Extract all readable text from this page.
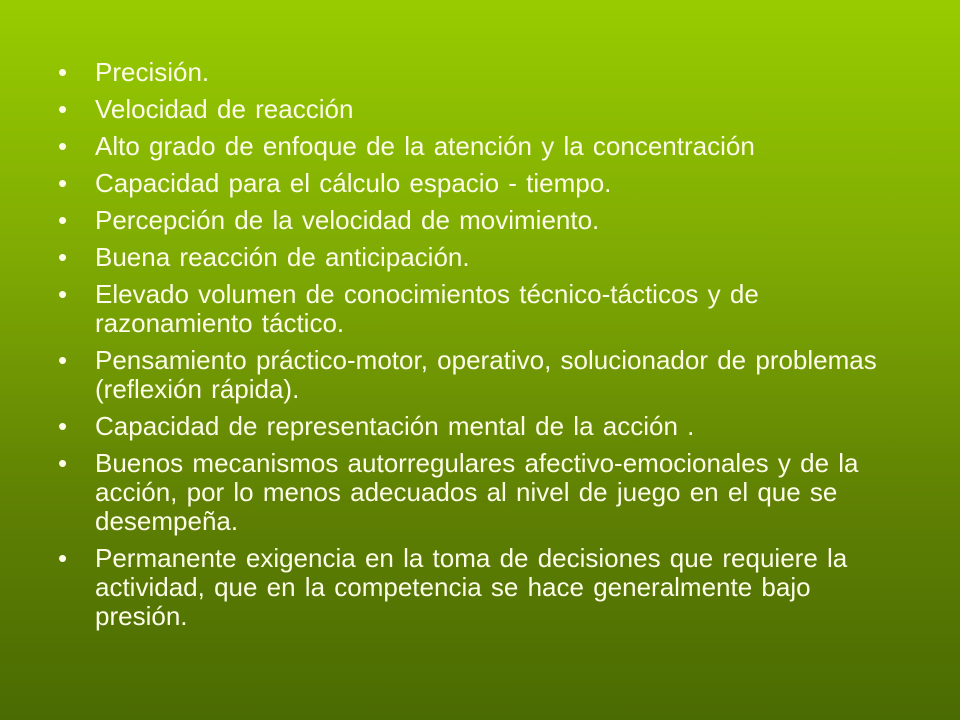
•	Precisión.
•	Velocidad de reacción
•	Alto grado de enfoque de la atención y la concentración
•	Capacidad para el cálculo espacio - tiempo.
•	Percepción de la velocidad de movimiento.
•	Buena reacción de anticipación.
•	Elevado volumen de conocimientos técnico-tácticos y de razonamiento táctico.
•	Pensamiento práctico-motor, operativo, solucionador de problemas (reflexión rápida).
•	Capacidad de representación mental de la acción .
•	Buenos mecanismos autorregulares afectivo-emocionales y de la acción, por lo menos adecuados al nivel de juego en el que se desempeña.
•	Permanente exigencia en la toma de decisiones que requiere la actividad, que en la competencia se hace generalmente bajo presión.
